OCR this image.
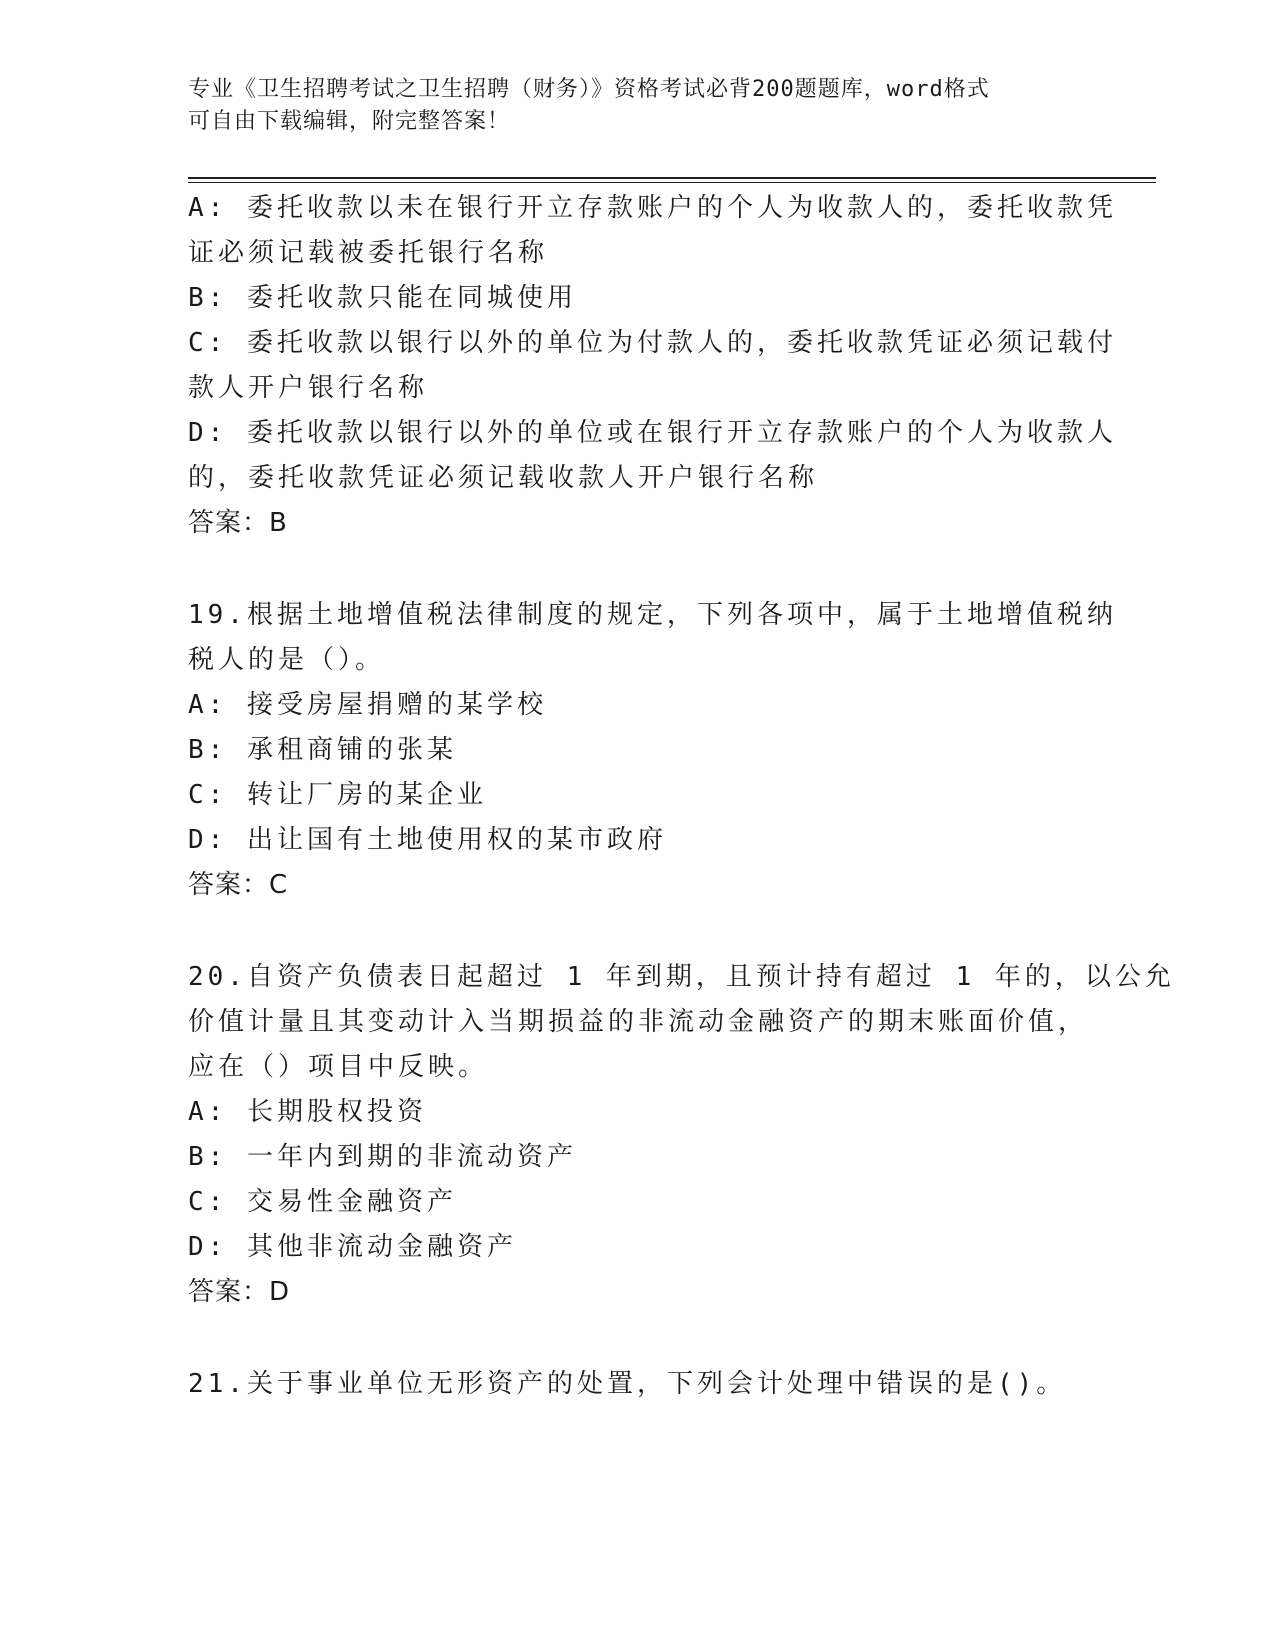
专业《卫生招聘考试之卫生招聘（财务）》资格考试必背200题题库，word格式
可自由下载编辑，附完整答案！
A: 委托收款以未在银行开立存款账户的个人为收款人的，委托收款凭
证必须记载被委托银行名称
B: 委托收款只能在同城使用
C: 委托收款以银行以外的单位为付款人的，委托收款凭证必须记载付
款人开户银行名称
D: 委托收款以银行以外的单位或在银行开立存款账户的个人为收款人
的，委托收款凭证必须记载收款人开户银行名称
答案：B
19.根据土地增值税法律制度的规定，下列各项中，属于土地增值税纳
税人的是（）。
A: 接受房屋捐赠的某学校
B: 承租商铺的张某
C: 转让厂房的某企业
D: 出让国有土地使用权的某市政府
答案：C
20.自资产负债表日起超过 1 年到期，且预计持有超过 1 年的，以公允
价值计量且其变动计入当期损益的非流动金融资产的期末账面价值，
应在（）项目中反映。
A: 长期股权投资
B: 一年内到期的非流动资产
C: 交易性金融资产
D: 其他非流动金融资产
答案：D
21.关于事业单位无形资产的处置，下列会计处理中错误的是()。
